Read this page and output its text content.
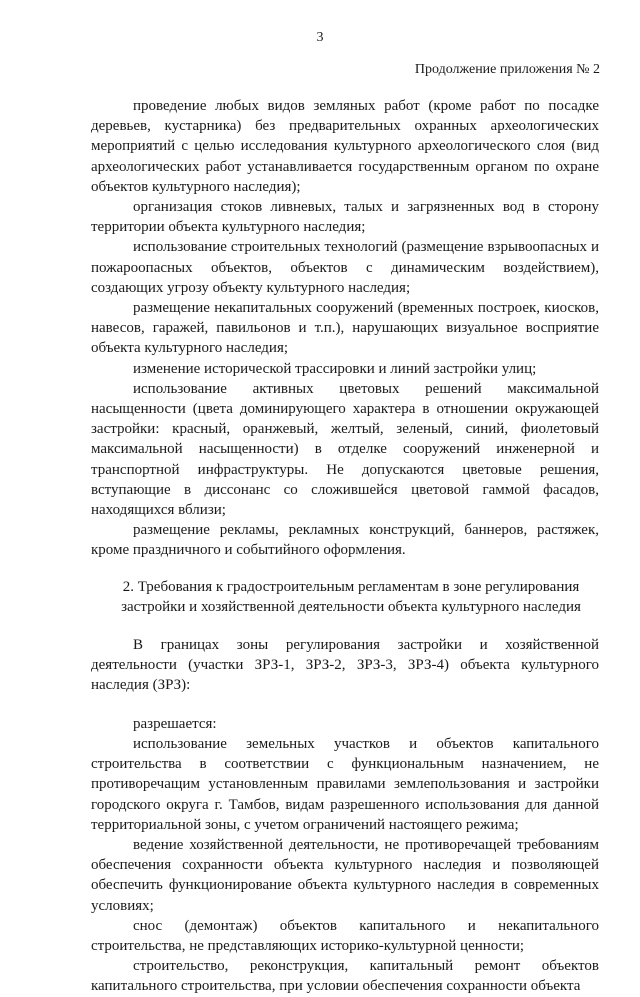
3
Продолжение приложения № 2

проведение любых видов земляных работ (кроме работ по посадке деревьев, кустарника) без предварительных охранных археологических мероприятий с целью исследования культурного археологического слоя (вид археологических работ устанавливается государственным органом по охране объектов культурного наследия);

организация стоков ливневых, талых и загрязненных вод в сторону территории объекта культурного наследия;

использование строительных технологий (размещение взрывоопасных и пожароопасных объектов, объектов с динамическим воздействием), создающих угрозу объекту культурного наследия;

размещение некапитальных сооружений (временных построек, киосков, навесов, гаражей, павильонов и т.п.), нарушающих визуальное восприятие объекта культурного наследия;

изменение исторической трассировки и линий застройки улиц;

использование активных цветовых решений максимальной насыщенности (цвета доминирующего характера в отношении окружающей застройки: красный, оранжевый, желтый, зеленый, синий, фиолетовый максимальной насыщенности) в отделке сооружений инженерной и транспортной инфраструктуры. Не допускаются цветовые решения, вступающие в диссонанс со сложившейся цветовой гаммой фасадов, находящихся вблизи;

размещение рекламы, рекламных конструкций, баннеров, растяжек, кроме праздничного и событийного оформления.

2. Требования к градостроительным регламентам в зоне регулирования застройки и хозяйственной деятельности объекта культурного наследия

В границах зоны регулирования застройки и хозяйственной деятельности (участки ЗРЗ-1, ЗРЗ-2, ЗРЗ-3, ЗРЗ-4) объекта культурного наследия (ЗРЗ):

разрешается:

использование земельных участков и объектов капитального строительства в соответствии с функциональным назначением, не противоречащим установленным правилами землепользования и застройки городского округа г. Тамбов, видам разрешенного использования для данной территориальной зоны, с учетом ограничений настоящего режима;

ведение хозяйственной деятельности, не противоречащей требованиям обеспечения сохранности объекта культурного наследия и позволяющей обеспечить функционирование объекта культурного наследия в современных условиях;

снос (демонтаж) объектов капитального и некапитального строительства, не представляющих историко-культурной ценности;

строительство, реконструкция, капитальный ремонт объектов капитального строительства, при условии обеспечения сохранности объекта
